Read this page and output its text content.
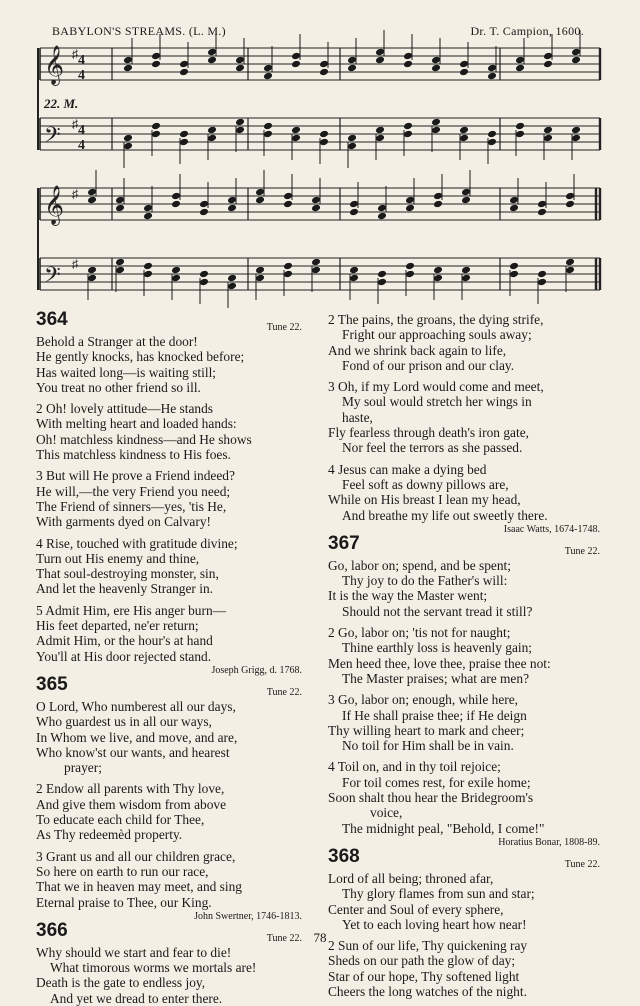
BABYLON'S STREAMS. (L. M.)	Dr. T. Campion, 1600.
22. M.
𝄞 ♯ 4
4
𝄢 ♯ 4
4
𝄞 ♯
𝄢 ♯
364	Tune 22.
Behold a Stranger at the door!
He gently knocks, has knocked before;
Has waited long—is waiting still;
You treat no other friend so ill.
2 Oh! lovely attitude—He stands
With melting heart and loaded hands:
Oh! matchless kindness—and He shows
This matchless kindness to His foes.
3 But will He prove a Friend indeed?
He will,—the very Friend you need;
The Friend of sinners—yes, 'tis He,
With garments dyed on Calvary!
4 Rise, touched with gratitude divine;
Turn out His enemy and thine,
That soul-destroying monster, sin,
And let the heavenly Stranger in.
5 Admit Him, ere His anger burn—
His feet departed, ne'er return;
Admit Him, or the hour's at hand
You'll at His door rejected stand.
Joseph Grigg, d. 1768.
365	Tune 22.
O Lord, Who numberest all our days,
Who guardest us in all our ways,
In Whom we live, and move, and are,
Who know'st our wants, and hearest
prayer;
2 Endow all parents with Thy love,
And give them wisdom from above
To educate each child for Thee,
As Thy redeemèd property.
3 Grant us and all our children grace,
So here on earth to run our race,
That we in heaven may meet, and sing
Eternal praise to Thee, our King.
John Swertner, 1746-1813.
366	Tune 22.
Why should we start and fear to die!
What timorous worms we mortals are!
Death is the gate to endless joy,
And yet we dread to enter there.
2 The pains, the groans, the dying strife,
Fright our approaching souls away;
And we shrink back again to life,
Fond of our prison and our clay.
3 Oh, if my Lord would come and meet,
My soul would stretch her wings in
haste,
Fly fearless through death's iron gate,
Nor feel the terrors as she passed.
4 Jesus can make a dying bed
Feel soft as downy pillows are,
While on His breast I lean my head,
And breathe my life out sweetly there.
Isaac Watts, 1674-1748.
367	Tune 22.
Go, labor on; spend, and be spent;
Thy joy to do the Father's will:
It is the way the Master went;
Should not the servant tread it still?
2 Go, labor on; 'tis not for naught;
Thine earthly loss is heavenly gain;
Men heed thee, love thee, praise thee not:
The Master praises; what are men?
3 Go, labor on; enough, while here,
If He shall praise thee; if He deign
Thy willing heart to mark and cheer;
No toil for Him shall be in vain.
4 Toil on, and in thy toil rejoice;
For toil comes rest, for exile home;
Soon shalt thou hear the Bridegroom's
voice,
The midnight peal, "Behold, I come!"
Horatius Bonar, 1808-89.
368	Tune 22.
Lord of all being; throned afar,
Thy glory flames from sun and star;
Center and Soul of every sphere,
Yet to each loving heart how near!
2 Sun of our life, Thy quickening ray
Sheds on our path the glow of day;
Star of our hope, Thy softened light
Cheers the long watches of the night.
78
